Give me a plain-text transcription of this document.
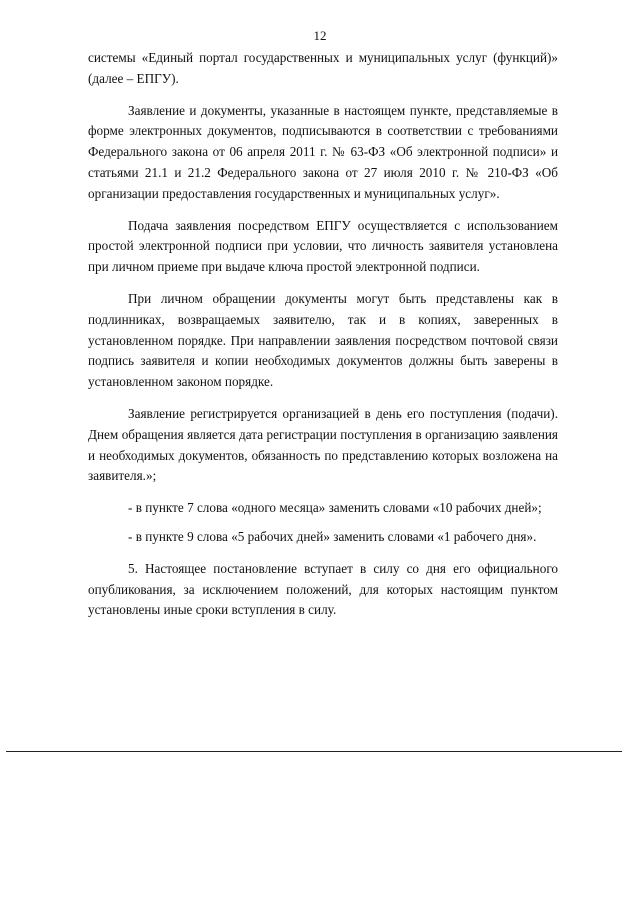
12

системы «Единый портал государственных и муниципальных услуг (функций)» (далее – ЕПГУ).

Заявление и документы, указанные в настоящем пункте, представляемые в форме электронных документов, подписываются в соответствии с требованиями Федерального закона от 06 апреля 2011 г. № 63-ФЗ «Об электронной подписи» и статьями 21.1 и 21.2 Федерального закона от 27 июля 2010 г. № 210-ФЗ «Об организации предоставления государственных и муниципальных услуг».

Подача заявления посредством ЕПГУ осуществляется с использованием простой электронной подписи при условии, что личность заявителя установлена при личном приеме при выдаче ключа простой электронной подписи.

При личном обращении документы могут быть представлены как в подлинниках, возвращаемых заявителю, так и в копиях, заверенных в установленном порядке. При направлении заявления посредством почтовой связи подпись заявителя и копии необходимых документов должны быть заверены в установленном законом порядке.

Заявление регистрируется организацией в день его поступления (подачи). Днем обращения является дата регистрации поступления в организацию заявления и необходимых документов, обязанность по представлению которых возложена на заявителя.»;

- в пункте 7 слова «одного месяца» заменить словами «10 рабочих дней»;

- в пункте 9 слова «5 рабочих дней» заменить словами «1 рабочего дня».

5. Настоящее постановление вступает в силу со дня его официального опубликования, за исключением положений, для которых настоящим пунктом установлены иные сроки вступления в силу.
